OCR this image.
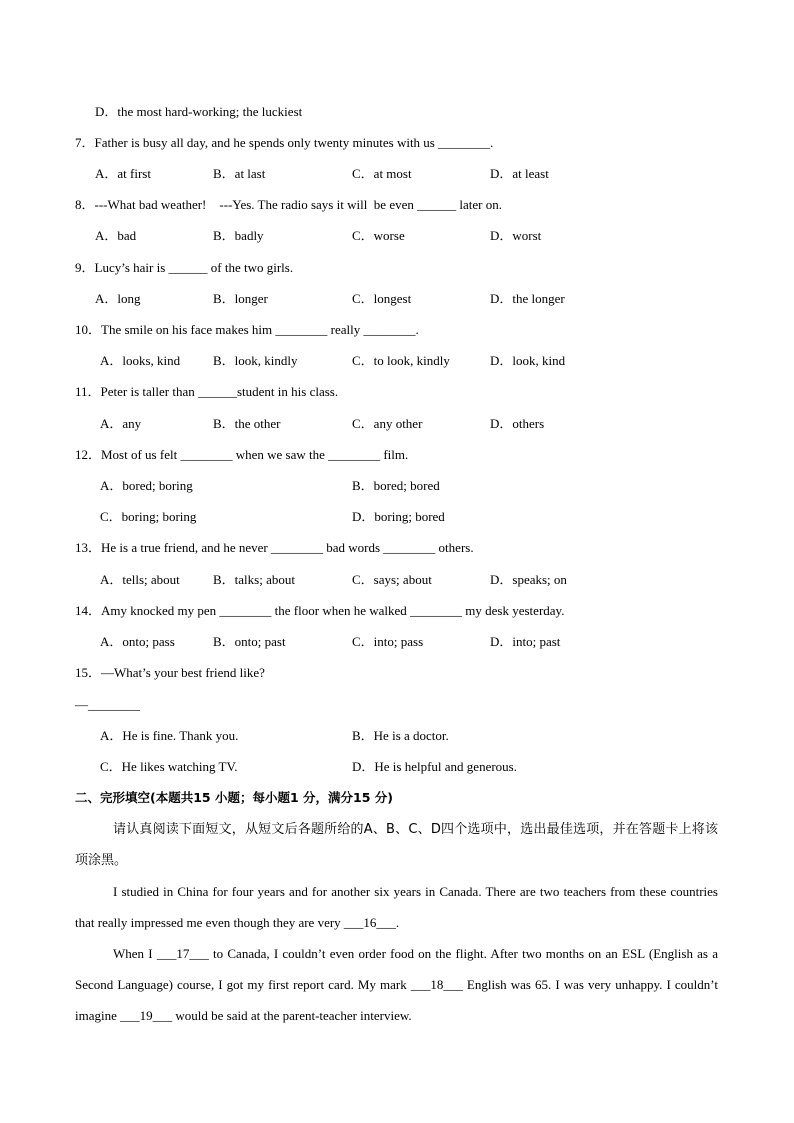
D．the most hard-working; the luckiest
7．Father is busy all day, and he spends only twenty minutes with us ________.
A．at first	B．at last	C．at most	D．at least
8．---What bad weather!    ---Yes. The radio says it will  be even ______ later on.
A．bad	B．badly	C．worse	D．worst
9．Lucy’s hair is ______ of the two girls.
A．long	B．longer	C．longest	D．the longer
10．The smile on his face makes him ________ really ________.
A．looks, kind	B．look, kindly	C．to look, kindly	D．look, kind
11．Peter is taller than ______student in his class.
A．any	B．the other	C．any other	D．others
12．Most of us felt ________ when we saw the ________ film.
A．bored; boring	B．bored; bored
C．boring; boring	D．boring; bored
13．He is a true friend, and he never ________ bad words ________ others.
A．tells; about	B．talks; about	C．says; about	D．speaks; on
14．Amy knocked my pen ________ the floor when he walked ________ my desk yesterday.
A．onto; pass	B．onto; past	C．into; pass	D．into; past
15．—What’s your best friend like?
—________
A．He is fine. Thank you.	B．He is a doctor.
C．He likes watching TV.	D．He is helpful and generous.
二、完形填空(本题共15 小题；每小题1 分，满分15 分)

请认真阅读下面短文，从短文后各题所给的A、B、C、D四个选项中，选出最佳选项，并在答题卡上将该项涂黑。

I studied in China for four years and for another six years in Canada. There are two teachers from these countries that really impressed me even though they are very ___16___.

When I ___17___ to Canada, I couldn’t even order food on the flight. After two months on an ESL (English as a Second Language) course, I got my first report card. My mark ___18___ English was 65. I was very unhappy. I couldn’t imagine ___19___ would be said at the parent-teacher interview.
